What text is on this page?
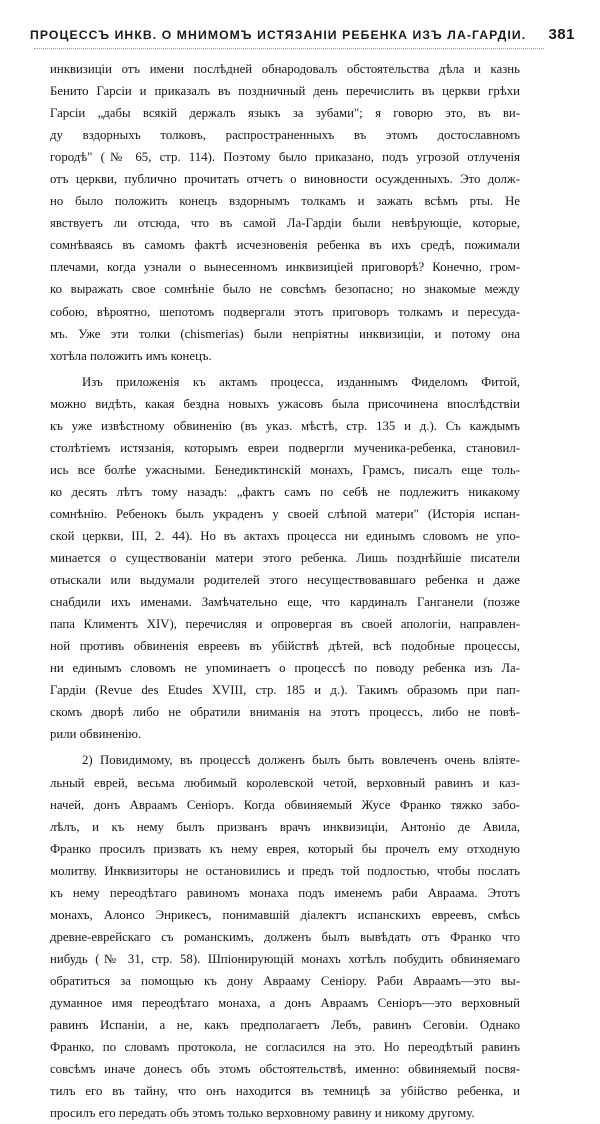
ПРОЦЕССЪ ИНКВ. О МНИМОМЪ ИСТЯЗАНІИ РЕБЕНКА ИЗЪ ЛА-ГАРДІИ. 381
инквизиціи отъ имени послѣдней обнародовалъ обстоятельства дѣла и казнь
Бенито Гарсіи и приказалъ въ поздничный день перечислить въ церкви грѣхи
Гарсіи „дабы всякій держалъ языкъ за зубами"; я говорю это, въ ви-
ду вздорныхъ толковъ, распространенныхъ въ этомъ достославномъ
городѣ" (№ 65, стр. 114). Поэтому было приказано, подъ угрозой отлученія
отъ церкви, публично прочитать отчетъ о виновности осужденныхъ. Это долж-
но было положить конецъ вздорнымъ толкамъ и зажать всѣмъ рты. Не
явствуетъ ли отсюда, что въ самой Ла-Гардіи были невѣрующіе, которые,
сомнѣваясь въ самомъ фактѣ исчезновенія ребенка въ ихъ средѣ, пожимали
плечами, когда узнали о вынесенномъ инквизиціей приговорѣ? Конечно, гром-
ко выражать свое сомнѣніе было не совсѣмъ безопасно; но знакомые между
собою, вѣроятно, шепотомъ подвергали этотъ приговоръ толкамъ и пересуда-
мъ. Уже эти толки (chismerias) были непріятны инквизиціи, и потому она
хотѣла положить имъ конецъ.
Изъ приложенія къ актамъ процесса, изданнымъ Фиделомъ Фитой,
можно видѣть, какая бездна новыхъ ужасовъ была присочинена впослѣдствіи
къ уже извѣстному обвиненію (въ указ. мѣстѣ, стр. 135 и д.). Съ каждымъ
столѣтіемъ истязанія, которымъ евреи подвергли мученика-ребенка, становил-
ись все болѣе ужасными. Бенедиктинскій монахъ, Грамсъ, писалъ еще толь-
ко десять лѣтъ тому назадъ: „фактъ самъ по себѣ не подлежитъ никакому
сомнѣнію. Ребенокъ былъ украденъ у своей слѣпой матери" (Исторія испан-
ской церкви, III, 2. 44). Но въ актахъ процесса ни единымъ словомъ не упо-
минается о существованіи матери этого ребенка. Лишь позднѣйшіе писатели
отыскали или выдумали родителей этого несуществовавшаго ребенка и даже
снабдили ихъ именами. Замѣчательно еще, что кардиналъ Ганганели (позже
папа Климентъ XIV), перечисляя и опровергая въ своей апологіи, направлен-
ной противъ обвиненія евреевъ въ убійствѣ дѣтей, всѣ подобные процессы,
ни единымъ словомъ не упоминаетъ о процессѣ по поводу ребенка изъ Ла-
Гардіи (Revue des Etudes XVIII, стр. 185 и д.). Такимъ образомъ при пап-
скомъ дворѣ либо не обратили вниманія на этотъ процессъ, либо не повѣ-
рили обвиненію.
2) Повидимому, въ процессѣ долженъ былъ быть вовлеченъ очень вліяте-
льный еврей, весьма любимый королевской четой, верховный равинъ и каз-
начей, донъ Авраамъ Сеніоръ. Когда обвиняемый Жусе Франко тяжко забо-
лѣлъ, и къ нему былъ призванъ врачъ инквизиціи, Антоніо де Авила,
Франко просилъ призвать къ нему еврея, который бы прочелъ ему отходную
молитву. Инквизиторы не остановились и предъ той подлостью, чтобы послать
къ нему переодѣтаго равиномъ монаха подъ именемъ раби Авраама. Этотъ
монахъ, Алонсо Энрикесъ, понимавшій діалектъ испанскихъ евреевъ, смѣсь
древне-еврейскаго съ романскимъ, долженъ былъ вывѣдать отъ Франко что
нибудь (№ 31, стр. 58). Шпіонирующій монахъ хотѣлъ побудить обвиняемаго
обратиться за помощью къ дону Аврааму Сеніору. Раби Авраамъ—это вы-
думанное имя переодѣтаго монаха, а донъ Авраамъ Сеніоръ—это верховный
равинъ Испаніи, а не, какъ предполагаетъ Лебъ, равинъ Сеговіи. Однако
Франко, по словамъ протокола, не согласился на это. Но переодѣтый равинъ
совсѣмъ иначе донесъ объ этомъ обстоятельствѣ, именно: обвиняемый посвя-
тилъ его въ тайну, что онъ находится въ темницѣ за убійство ребенка, и
просилъ его передать объ этомъ только верховному равину и никому другому.
